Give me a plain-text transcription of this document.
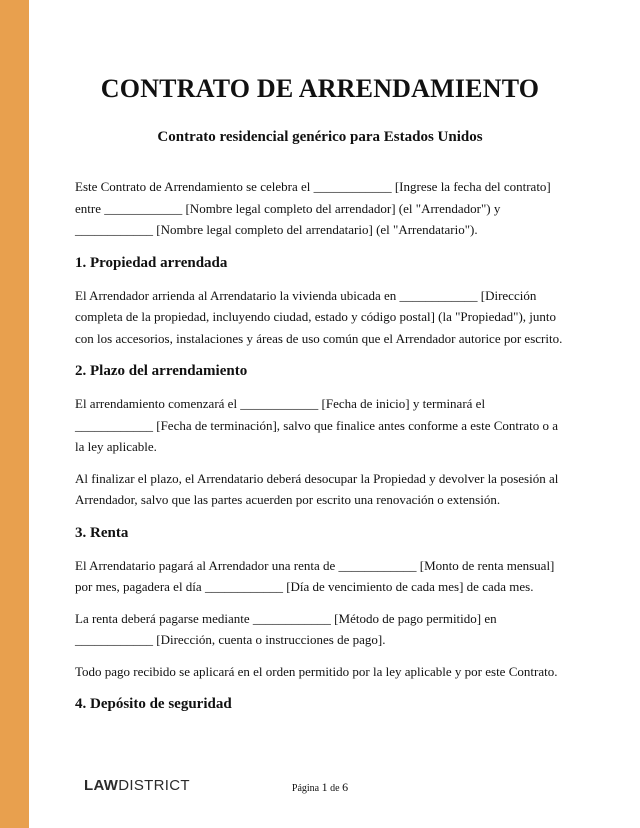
CONTRATO DE ARRENDAMIENTO
Contrato residencial genérico para Estados Unidos

Este Contrato de Arrendamiento se celebra el ____________ [Ingrese la fecha del contrato] entre ____________ [Nombre legal completo del arrendador] (el "Arrendador") y ____________ [Nombre legal completo del arrendatario] (el "Arrendatario").

1. Propiedad arrendada

El Arrendador arrienda al Arrendatario la vivienda ubicada en ____________ [Dirección completa de la propiedad, incluyendo ciudad, estado y código postal] (la "Propiedad"), junto con los accesorios, instalaciones y áreas de uso común que el Arrendador autorice por escrito.

2. Plazo del arrendamiento

El arrendamiento comenzará el ____________ [Fecha de inicio] y terminará el ____________ [Fecha de terminación], salvo que finalice antes conforme a este Contrato o a la ley aplicable.

Al finalizar el plazo, el Arrendatario deberá desocupar la Propiedad y devolver la posesión al Arrendador, salvo que las partes acuerden por escrito una renovación o extensión.

3. Renta

El Arrendatario pagará al Arrendador una renta de ____________ [Monto de renta mensual] por mes, pagadera el día ____________ [Día de vencimiento de cada mes] de cada mes.

La renta deberá pagarse mediante ____________ [Método de pago permitido] en ____________ [Dirección, cuenta o instrucciones de pago].

Todo pago recibido se aplicará en el orden permitido por la ley aplicable y por este Contrato.

4. Depósito de seguridad
LAWDISTRICT	Página 1 de 6
